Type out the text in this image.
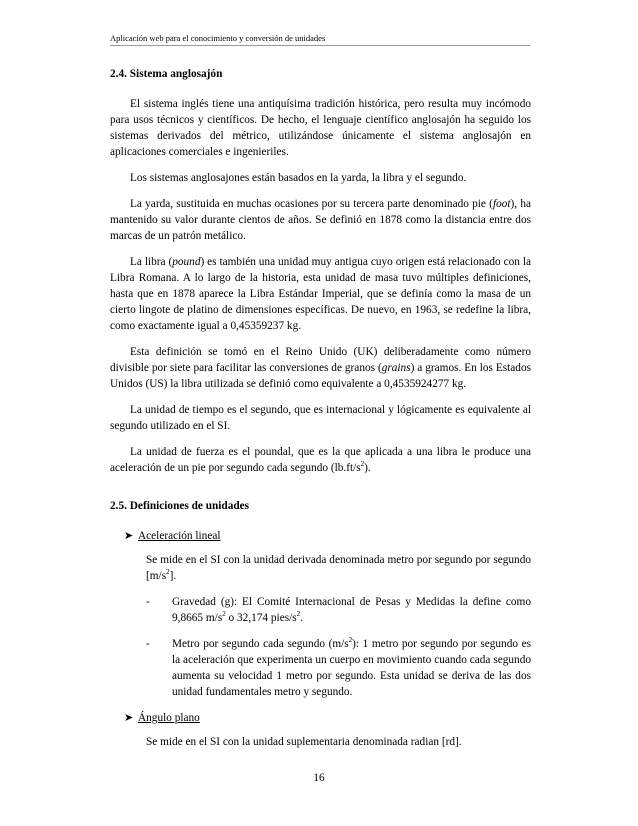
Aplicación web para el conocimiento y conversión de unidades
2.4. Sistema anglosajón

El sistema inglés tiene una antiquísima tradición histórica, pero resulta muy incómodo para usos técnicos y científicos. De hecho, el lenguaje científico anglosajón ha seguido los sistemas derivados del métrico, utilizándose únicamente el sistema anglosajón en aplicaciones comerciales e ingenieriles.

Los sistemas anglosajones están basados en la yarda, la libra y el segundo.

La yarda, sustituida en muchas ocasiones por su tercera parte denominado pie (foot), ha mantenido su valor durante cientos de años. Se definió en 1878 como la distancia entre dos marcas de un patrón metálico.

La libra (pound) es también una unidad muy antigua cuyo origen está relacionado con la Libra Romana. A lo largo de la historia, esta unidad de masa tuvo múltiples definiciones, hasta que en 1878 aparece la Libra Estándar Imperial, que se definía como la masa de un cierto lingote de platino de dimensiones específicas. De nuevo, en 1963, se redefine la libra, como exactamente igual a 0,45359237 kg.

Esta definición se tomó en el Reino Unido (UK) deliberadamente como número divisible por siete para facilitar las conversiones de granos (grains) a gramos. En los Estados Unidos (US) la libra utilizada se definió como equivalente a 0,4535924277 kg.

La unidad de tiempo es el segundo, que es internacional y lógicamente es equivalente al segundo utilizado en el SI.

La unidad de fuerza es el poundal, que es la que aplicada a una libra le produce una aceleración de un pie por segundo cada segundo $(lb.ft/s^2)$.

2.5. Definiciones de unidades
➤ Aceleración lineal
Se mide en el SI con la unidad derivada denominada metro por segundo por segundo $[m/s^2]$.
-	Gravedad (g): El Comité Internacional de Pesas y Medidas la define como 9,8665 $m/s^2$ o 32,174 pies/$s^2$.
-	Metro por segundo cada segundo $(m/s^2)$: 1 metro por segundo por segundo es la aceleración que experimenta un cuerpo en movimiento cuando cada segundo aumenta su velocidad 1 metro por segundo. Esta unidad se deriva de las dos unidad fundamentales metro y segundo.
➤ Ángulo plano
Se mide en el SI con la unidad suplementaria denominada radian [rd].
16
